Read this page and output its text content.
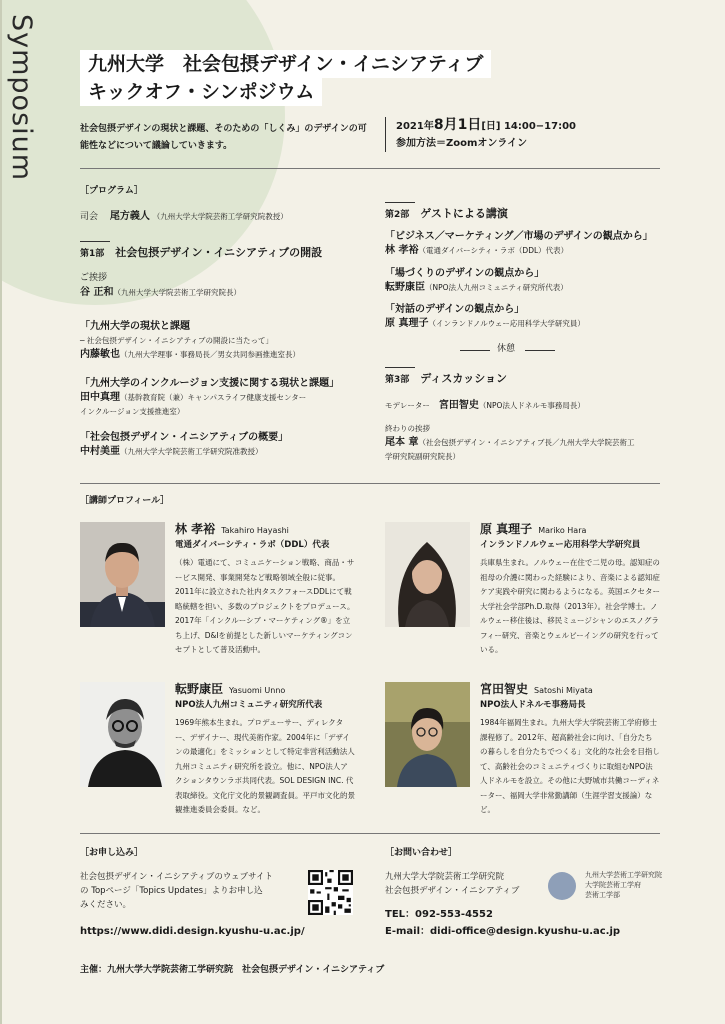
Symposium	九州大学　社会包摂デザイン・イニシアティブ
キックオフ・シンポジウム
社会包摂デザインの現状と課題、そのための「しくみ」のデザインの可能性などについて議論していきます。
2021年8月1日[日] 14:00−17:00
参加方法＝Zoomオンライン
［プログラム］
司会　 尾方義人 （九州大学大学院芸術工学研究院教授）
第1部　 社会包摂デザイン・イニシアティブの開設
ご挨拶
谷 正和（九州大学大学院芸術工学研究院長）
「九州大学の現状と課題
─ 社会包摂デザイン・イニシアティブの開設に当たって」
内藤敏也（九州大学理事・事務局長／男女共同参画推進室長）
「九州大学のインクルージョン支援に関する現状と課題」
田中真理（基幹教育院（兼）キャンパスライフ健康支援センター
インクルージョン支援推進室）
「社会包摂デザイン・イニシアティブの概要」
中村美亜（九州大学大学院芸術工学研究院准教授）
第2部　 ゲストによる講演
「ビジネス／マーケティング／市場のデザインの観点から」
林 孝裕（電通ダイバーシティ・ラボ（DDL）代表）
「場づくりのデザインの観点から」
転野康臣（NPO法人九州コミュニティ研究所代表）
「対話のデザインの観点から」
原 真理子（インランドノルウェー応用科学大学研究員）
休憩
第3部　 ディスカッション
モデレーター　 宮田智史（NPO法人ドネルモ事務局長）
終わりの挨拶
尾本 章（社会包摂デザイン・イニシアティブ長／九州大学大学院芸術工
学研究院副研究院長）
［講師プロフィール］
林 孝裕 Takahiro Hayashi
電通ダイバーシティ・ラボ（DDL）代表
（株）電通にて、コミュニケーション戦略、商品・サービス開発、事業開発など戦略領域全般に従事。2011年に設立された社内タスクフォースDDLにて戦略統轄を担い、多数のプロジェクトをプロデュース。2017年「インクルーシブ・マーケティング®」を立ち上げ、D&Iを前提とした新しいマーケティングコンセプトとして普及活動中。
原 真理子 Mariko Hara
インランドノルウェー応用科学大学研究員
兵庫県生まれ。ノルウェー在住で二児の母。認知症の祖母の介護に関わった経験により、音楽による認知症ケア実践や研究に関わるようになる。英国エクセター大学社会学部Ph.D.取得（2013年）。社会学博士。ノルウェー移住後は、移民ミュージシャンのエスノグラフィー研究、音楽とウェルビーイングの研究を行っている。
転野康臣 Yasuomi Unno
NPO法人九州コミュニティ研究所代表
1969年熊本生まれ。プロデューサー、ディレクター、デザイナー、現代美術作家。2004年に「デザインの最適化」をミッションとして特定非営利活動法人九州コミュニティ研究所を設立。他に、NPO法人アクションタウンラボ共同代表。SOL DESIGN INC. 代表取締役。文化庁文化的景観調査員。平戸市文化的景観推進委員会委員。など。
宮田智史 Satoshi Miyata
NPO法人ドネルモ事務局長
1984年福岡生まれ。九州大学大学院芸術工学府修士課程修了。2012年、超高齢社会に向け、「自分たちの暮らしを自分たちでつくる」文化的な社会を目指して、高齢社会のコミュニティづくりに取組むNPO法人ドネルモを設立。その他に大野城市共働コーディネーター、福岡大学非常勤講師（生涯学習支援論）など。
［お申し込み］
社会包摂デザイン・イニシアティブのウェブサイト
の Topページ「Topics Updates」よりお申し込
みください。
https://www.didi.design.kyushu-u.ac.jp/
［お問い合わせ］
九州大学大学院芸術工学研究院
社会包摂デザイン・イニシアティブ
九州大学芸術工学研究院
大学院芸術工学府
芸術工学部
TEL：092-553-4552
E-mail：didi-office@design.kyushu-u.ac.jp
主催：九州大学大学院芸術工学研究院　社会包摂デザイン・イニシアティブ
